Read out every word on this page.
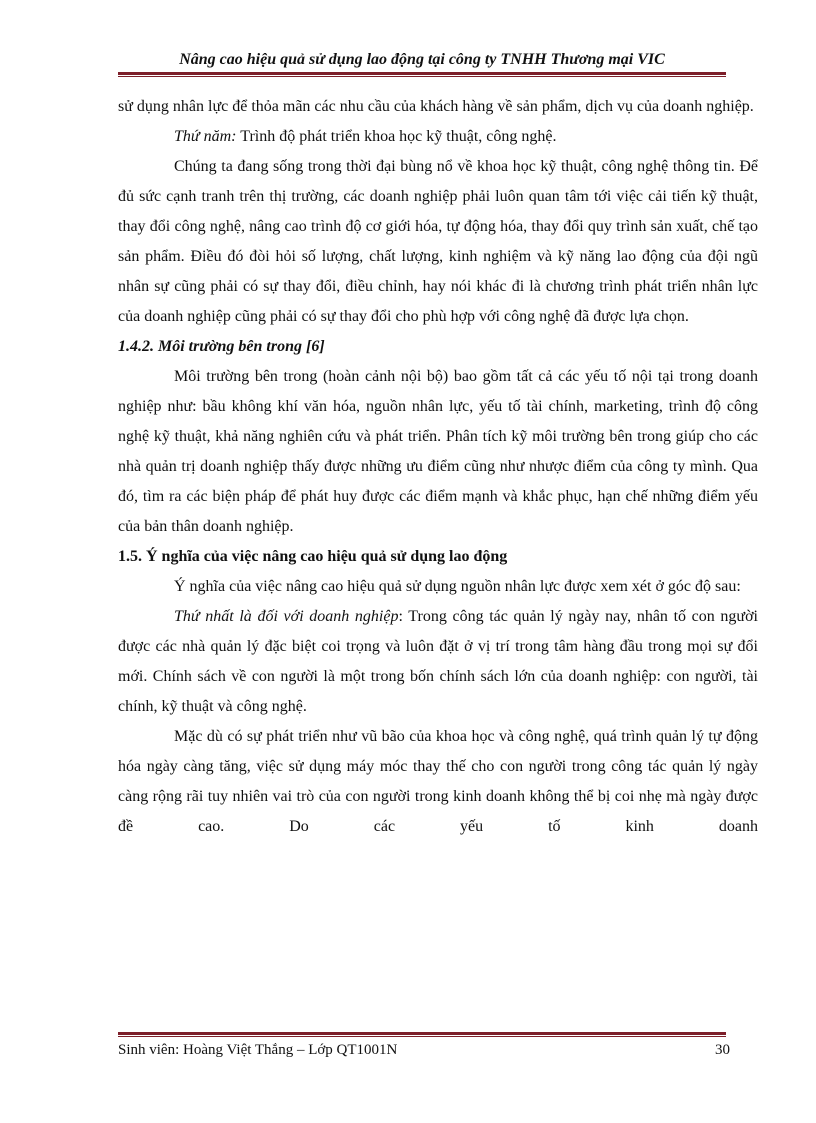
Nâng cao hiệu quả sử dụng lao động tại công ty TNHH Thương mại VIC

sử dụng nhân lực để thỏa mãn các nhu cầu của khách hàng về sản phẩm, dịch vụ của doanh nghiệp.

Thứ năm: Trình độ phát triển khoa học kỹ thuật, công nghệ.

Chúng ta đang sống trong thời đại bùng nổ về khoa học kỹ thuật, công nghệ thông tin. Để đủ sức cạnh tranh trên thị trường, các doanh nghiệp phải luôn quan tâm tới việc cải tiến kỹ thuật, thay đổi công nghệ, nâng cao trình độ cơ giới hóa, tự động hóa, thay đổi quy trình sản xuất, chế tạo sản phẩm. Điều đó đòi hỏi số lượng, chất lượng, kinh nghiệm và kỹ năng lao động của đội ngũ nhân sự cũng phải có sự thay đổi, điều chỉnh, hay nói khác đi là chương trình phát triển nhân lực của doanh nghiệp cũng phải có sự thay đổi cho phù hợp với công nghệ đã được lựa chọn.

1.4.2. Môi trường bên trong [6]

Môi trường bên trong (hoàn cảnh nội bộ) bao gồm tất cả các yếu tố nội tại trong doanh nghiệp như: bầu không khí văn hóa, nguồn nhân lực, yếu tố tài chính, marketing, trình độ công nghệ kỹ thuật, khả năng nghiên cứu và phát triển. Phân tích kỹ môi trường bên trong giúp cho các nhà quản trị doanh nghiệp thấy được những ưu điểm cũng như nhược điểm của công ty mình. Qua đó, tìm ra các biện pháp để phát huy được các điểm mạnh và khắc phục, hạn chế những điểm yếu của bản thân doanh nghiệp.

1.5. Ý nghĩa của việc nâng cao hiệu quả sử dụng lao động

Ý nghĩa của việc nâng cao hiệu quả sử dụng nguồn nhân lực được xem xét ở góc độ sau:

Thứ nhất là đối với doanh nghiệp: Trong công tác quản lý ngày nay, nhân tố con người được các nhà quản lý đặc biệt coi trọng và luôn đặt ở vị trí trong tâm hàng đầu trong mọi sự đổi mới. Chính sách về con người là một trong bốn chính sách lớn của doanh nghiệp: con người, tài chính, kỹ thuật và công nghệ.

Mặc dù có sự phát triển như vũ bão của khoa học và công nghệ, quá trình quản lý tự động hóa ngày càng tăng, việc sử dụng máy móc thay thế cho con người trong công tác quản lý ngày càng rộng rãi tuy nhiên vai trò của con người trong kinh doanh không thể bị coi nhẹ mà ngày được đề cao. Do các yếu tố kinh doanh

Sinh viên: Hoàng Việt Thắng – Lớp QT1001N	30
